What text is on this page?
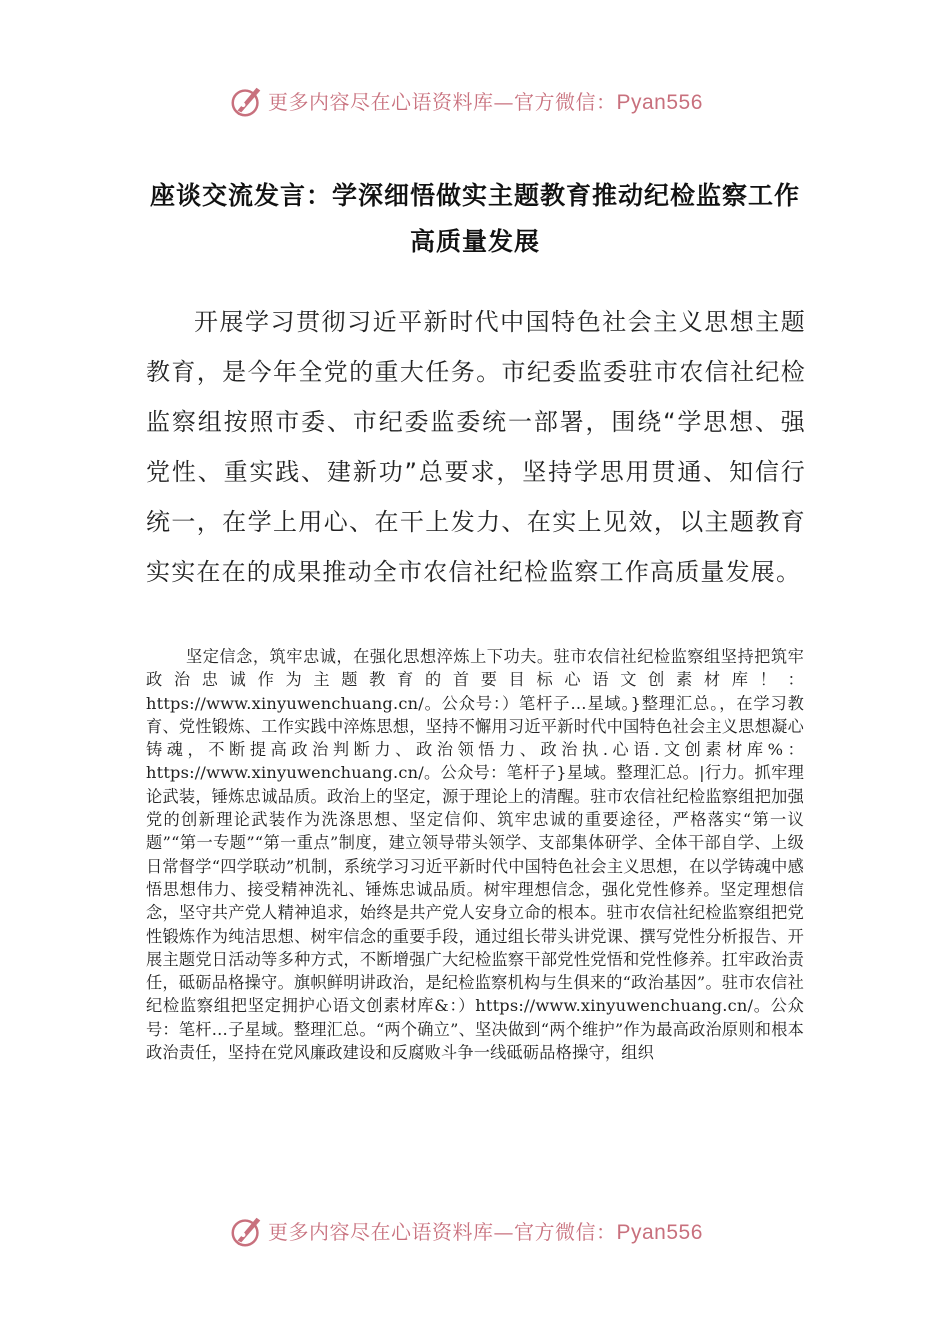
更多内容尽在心语资料库—官方微信：Pyan556
座谈交流发言：学深细悟做实主题教育推动纪检监察工作
高质量发展
开展学习贯彻习近平新时代中国特色社会主义思想主题教育，是今年全党的重大任务。市纪委监委驻市农信社纪检监察组按照市委、市纪委监委统一部署，围绕“学思想、强党性、重实践、建新功”总要求，坚持学思用贯通、知信行统一，在学上用心、在干上发力、在实上见效，以主题教育实实在在的成果推动全市农信社纪检监察工作高质量发展。
坚定信念，筑牢忠诚，在强化思想淬炼上下功夫。驻市农信社纪检监察组坚持把筑牢政治忠诚作为主题教育的首要目标心语文创素材库！：https://www.xinyuwenchuang.cn/。公众号：）笔杆子…星域。}整理汇总。，在学习教育、党性锻炼、工作实践中淬炼思想，坚持不懈用习近平新时代中国特色社会主义思想凝心铸魂，不断提高政治判断力、政治领悟力、政治执.心语.文创素材库%：https://www.xinyuwenchuang.cn/。公众号：笔杆子}星域。整理汇总。|行力。抓牢理论武装，锤炼忠诚品质。政治上的坚定，源于理论上的清醒。驻市农信社纪检监察组把加强党的创新理论武装作为洗涤思想、坚定信仰、筑牢忠诚的重要途径，严格落实“第一议题”“第一专题”“第一重点”制度，建立领导带头领学、支部集体研学、全体干部自学、上级日常督学“四学联动”机制，系统学习习近平新时代中国特色社会主义思想，在以学铸魂中感悟思想伟力、接受精神洗礼、锤炼忠诚品质。树牢理想信念，强化党性修养。坚定理想信念，坚守共产党人精神追求，始终是共产党人安身立命的根本。驻市农信社纪检监察组把党性锻炼作为纯洁思想、树牢信念的重要手段，通过组长带头讲党课、撰写党性分析报告、开展主题党日活动等多种方式，不断增强广大纪检监察干部党性党悟和党性修养。扛牢政治责任，砥砺品格操守。旗帜鲜明讲政治，是纪检监察机构与生俱来的“政治基因”。驻市农信社纪检监察组把坚定拥护心语文创素材库&：）https://www.xinyuwenchuang.cn/。公众号：笔杆…子星域。整理汇总。“两个确立”、坚决做到“两个维护”作为最高政治原则和根本政治责任，坚持在党风廉政建设和反腐败斗争一线砥砺品格操守，组织
更多内容尽在心语资料库—官方微信：Pyan556
